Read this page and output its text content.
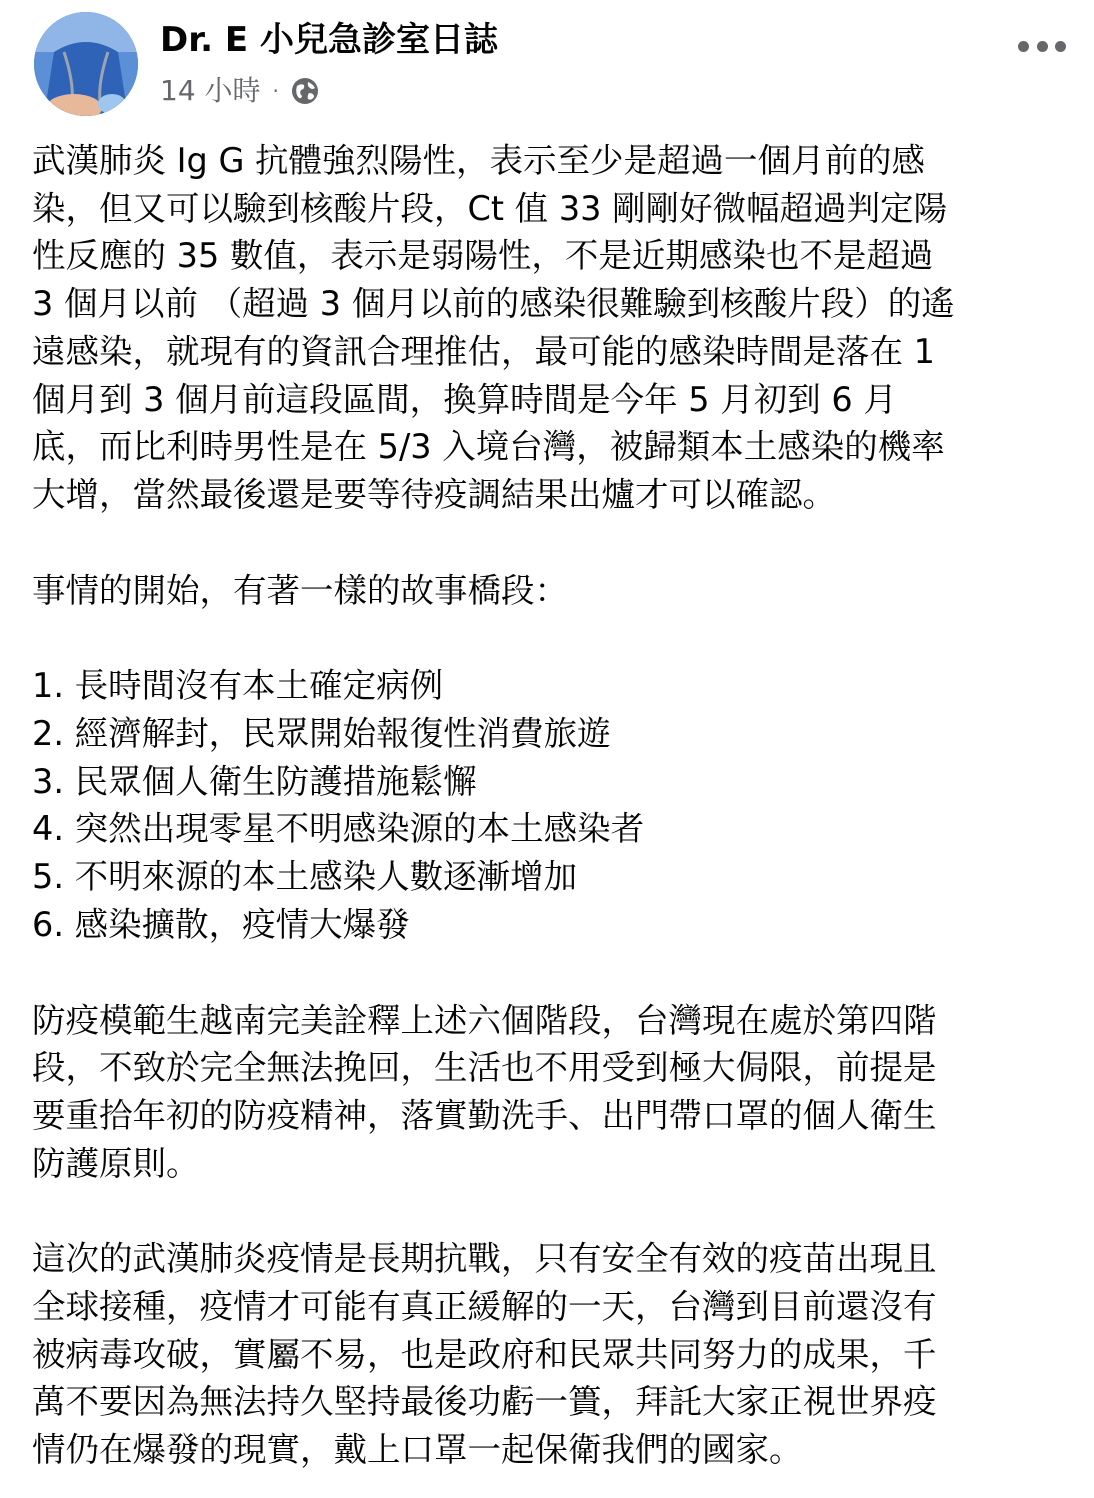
Dr. E 小兒急診室日誌
14 小時 ·
武漢肺炎 Ig G 抗體強烈陽性，表示至少是超過一個月前的感
染，但又可以驗到核酸片段，Ct 值 33 剛剛好微幅超過判定陽
性反應的 35 數值，表示是弱陽性，不是近期感染也不是超過
3 個月以前 （超過 3 個月以前的感染很難驗到核酸片段）的遙
遠感染，就現有的資訊合理推估，最可能的感染時間是落在 1
個月到 3 個月前這段區間，換算時間是今年 5 月初到 6 月
底，而比利時男性是在 5/3 入境台灣，被歸類本土感染的機率
大增，當然最後還是要等待疫調結果出爐才可以確認。
事情的開始，有著一樣的故事橋段：
1. 長時間沒有本土確定病例
2. 經濟解封，民眾開始報復性消費旅遊
3. 民眾個人衛生防護措施鬆懈
4. 突然出現零星不明感染源的本土感染者
5. 不明來源的本土感染人數逐漸增加
6. 感染擴散，疫情大爆發
防疫模範生越南完美詮釋上述六個階段，台灣現在處於第四階
段，不致於完全無法挽回，生活也不用受到極大侷限，前提是
要重拾年初的防疫精神，落實勤洗手、出門帶口罩的個人衛生
防護原則。
這次的武漢肺炎疫情是長期抗戰，只有安全有效的疫苗出現且
全球接種，疫情才可能有真正緩解的一天，台灣到目前還沒有
被病毒攻破，實屬不易，也是政府和民眾共同努力的成果，千
萬不要因為無法持久堅持最後功虧一簣，拜託大家正視世界疫
情仍在爆發的現實，戴上口罩一起保衛我們的國家。
